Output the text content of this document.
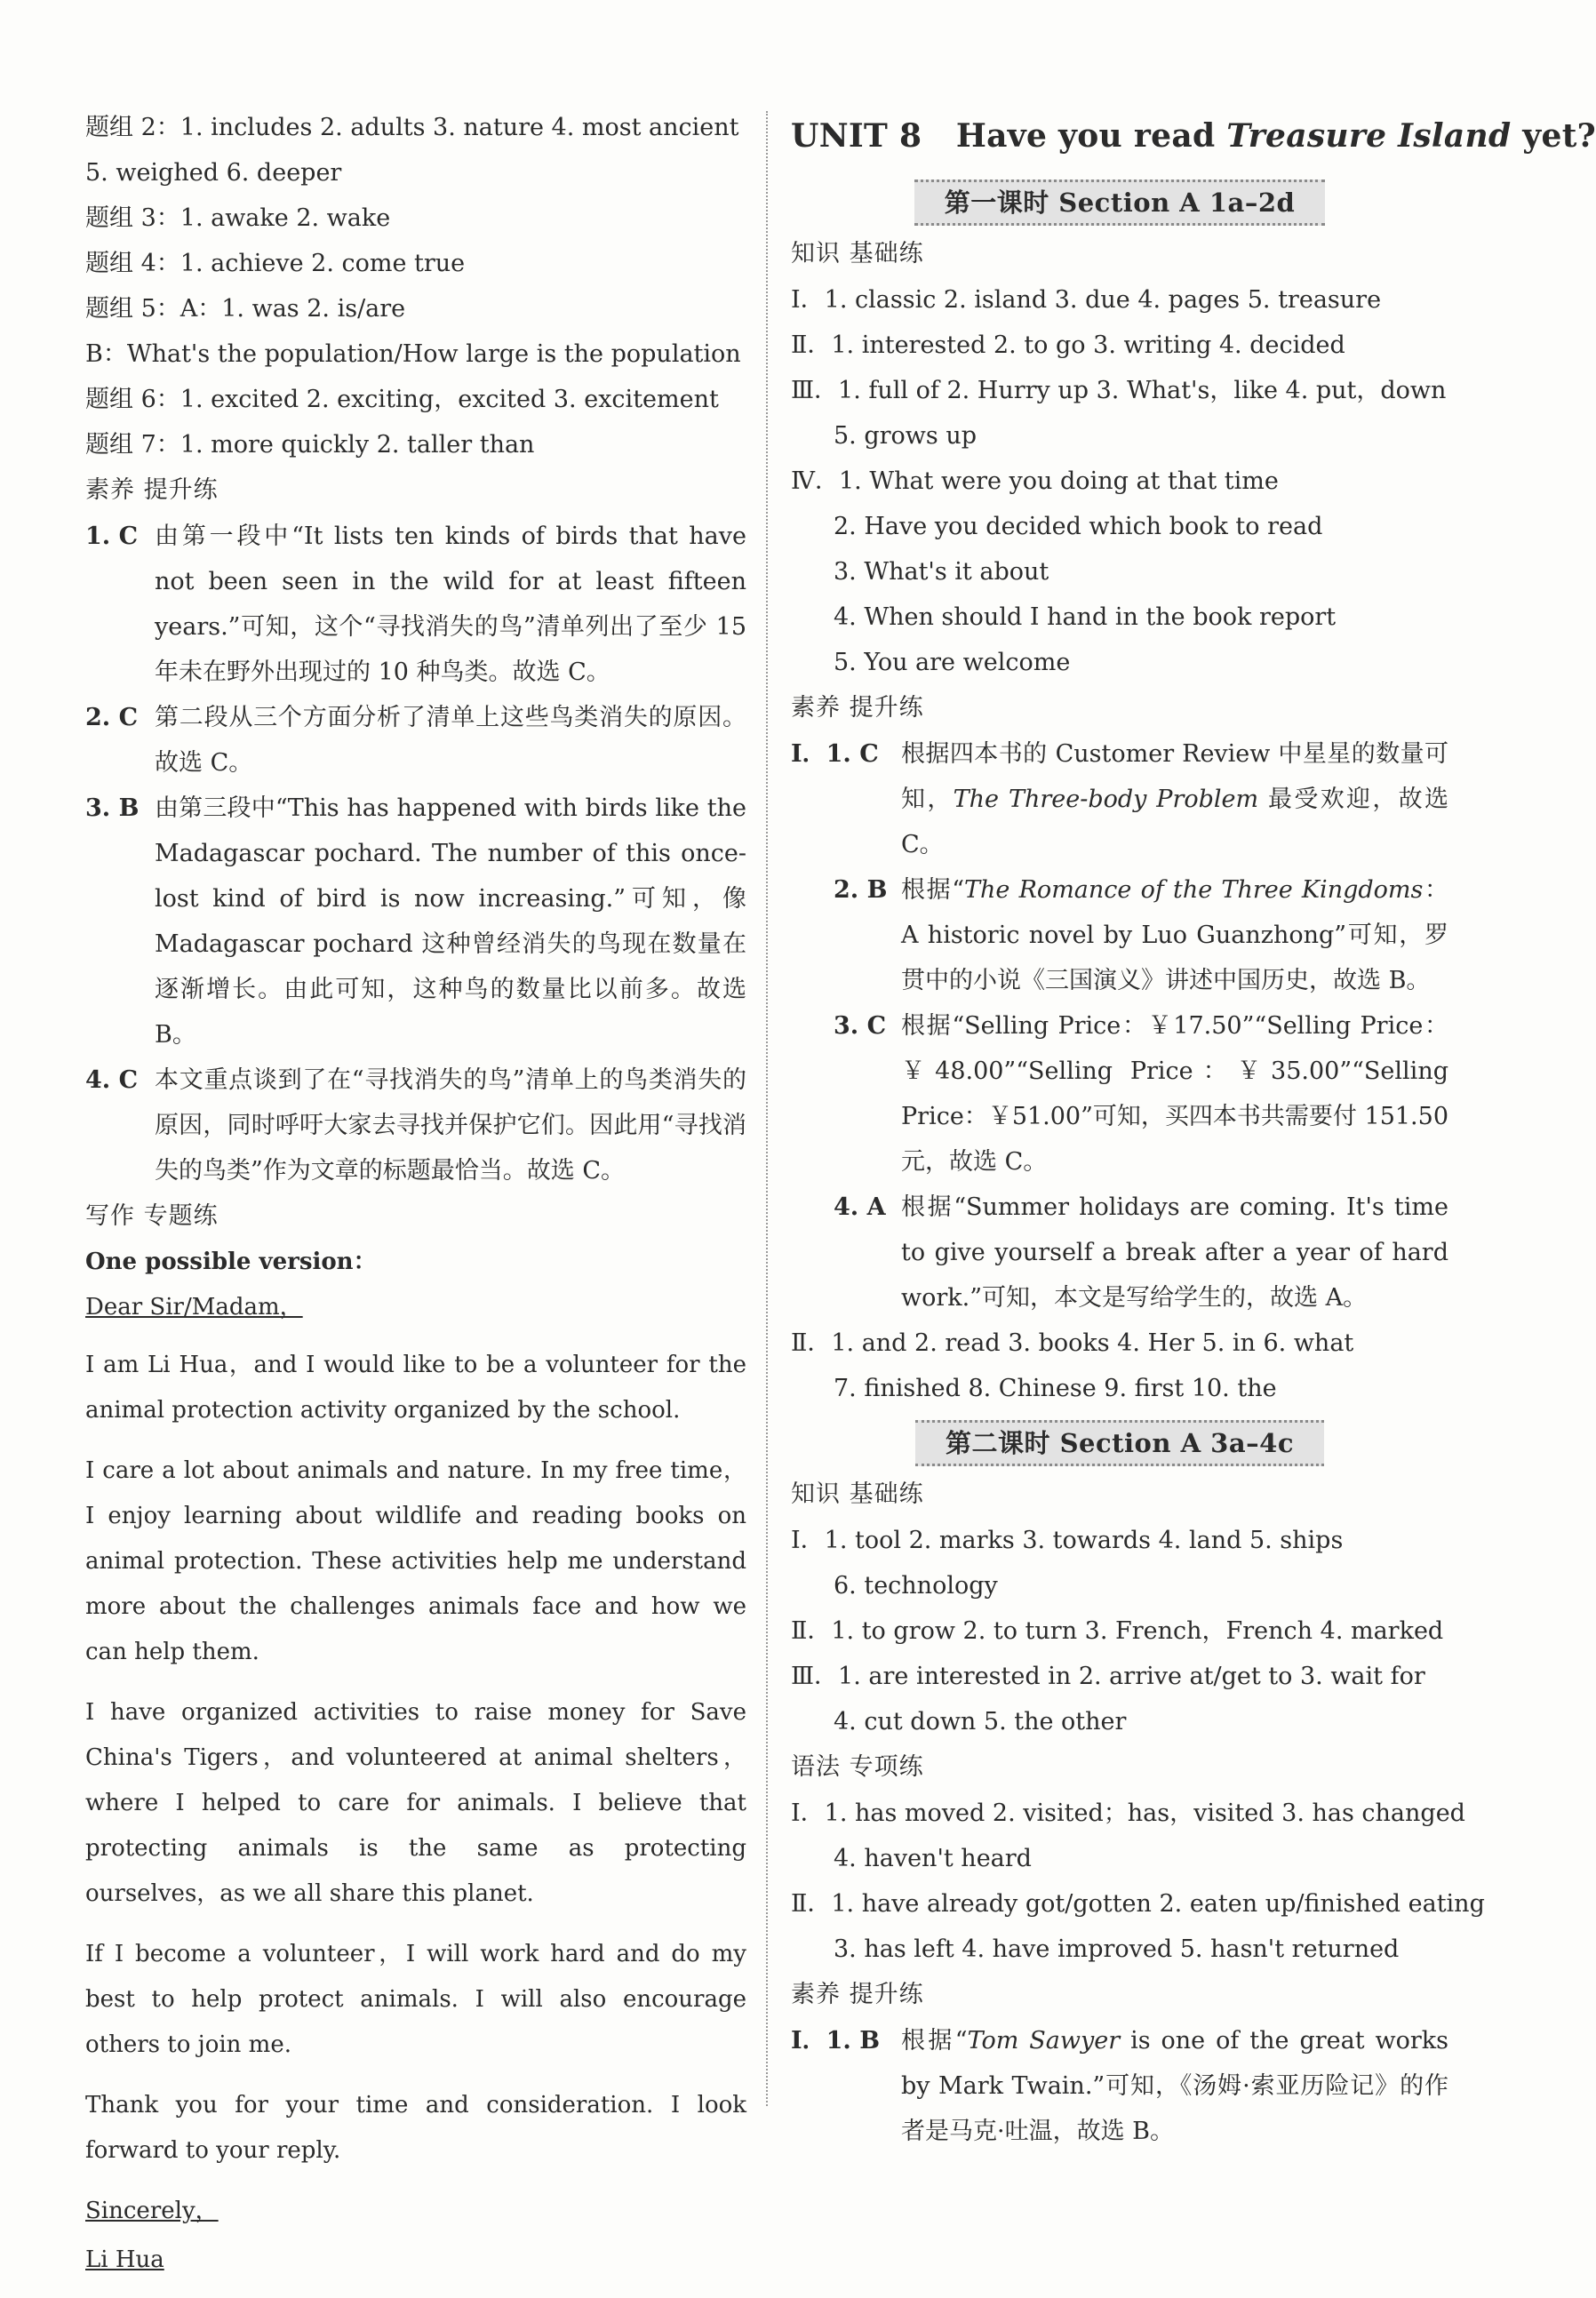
题组 2：1. includes 2. adults 3. nature 4. most ancient
5. weighed 6. deeper
题组 3：1. awake 2. wake
题组 4：1. achieve 2. come true
题组 5：A：1. was 2. is/are
B：What's the population/How large is the population
题组 6：1. excited 2. exciting，excited 3. excitement
题组 7：1. more quickly 2. taller than
素养 提升练
1. C 由第一段中“It lists ten kinds of birds that have not been seen in the wild for at least fifteen years.”可知，这个“寻找消失的鸟”清单列出了至少 15 年未在野外出现过的 10 种鸟类。故选 C。
2. C 第二段从三个方面分析了清单上这些鸟类消失的原因。故选 C。
3. B 由第三段中“This has happened with birds like the Madagascar pochard. The number of this once-lost kind of bird is now increasing.”可知，像 Madagascar pochard 这种曾经消失的鸟现在数量在逐渐增长。由此可知，这种鸟的数量比以前多。故选 B。
4. C 本文重点谈到了在“寻找消失的鸟”清单上的鸟类消失的原因，同时呼吁大家去寻找并保护它们。因此用“寻找消失的鸟类”作为文章的标题最恰当。故选 C。
写作 专题练
One possible version：

Dear Sir/Madam，

I am Li Hua，and I would like to be a volunteer for the animal protection activity organized by the school.

I care a lot about animals and nature. In my free time，I enjoy learning about wildlife and reading books on animal protection. These activities help me understand more about the challenges animals face and how we can help them.

I have organized activities to raise money for Save China's Tigers，and volunteered at animal shelters，where I helped to care for animals. I believe that protecting animals is the same as protecting ourselves，as we all share this planet.

If I become a volunteer，I will work hard and do my best to help protect animals. I will also encourage others to join me.

Thank you for your time and consideration. I look forward to your reply.

Sincerely，

Li Hua

UNIT 8 Have you read Treasure Island yet?
第一课时 Section A 1a–2d
知识 基础练
Ⅰ．1. classic 2. island 3. due 4. pages 5. treasure
Ⅱ．1. interested 2. to go 3. writing 4. decided
Ⅲ．1. full of 2. Hurry up 3. What's，like 4. put，down
5. grows up
Ⅳ．1. What were you doing at that time
2. Have you decided which book to read
3. What's it about
4. When should I hand in the book report
5. You are welcome
素养 提升练
Ⅰ．1. C 根据四本书的 Customer Review 中星星的数量可知，The Three-body Problem 最受欢迎，故选 C。
2. B 根据“The Romance of the Three Kingdoms：A historic novel by Luo Guanzhong”可知，罗贯中的小说《三国演义》讲述中国历史，故选 B。
3. C 根据“Selling Price：￥17.50”“Selling Price：￥48.00”“Selling Price：￥35.00”“Selling Price：￥51.00”可知，买四本书共需要付 151.50 元，故选 C。
4. A 根据“Summer holidays are coming. It's time to give yourself a break after a year of hard work.”可知，本文是写给学生的，故选 A。
Ⅱ．1. and 2. read 3. books 4. Her 5. in 6. what
7. finished 8. Chinese 9. first 10. the
第二课时 Section A 3a–4c
知识 基础练
Ⅰ．1. tool 2. marks 3. towards 4. land 5. ships
6. technology
Ⅱ．1. to grow 2. to turn 3. French，French 4. marked
Ⅲ．1. are interested in 2. arrive at/get to 3. wait for
4. cut down 5. the other
语法 专项练
Ⅰ．1. has moved 2. visited；has，visited 3. has changed
4. haven't heard
Ⅱ．1. have already got/gotten 2. eaten up/finished eating
3. has left 4. have improved 5. hasn't returned
素养 提升练
Ⅰ．1. B 根据“Tom Sawyer is one of the great works by Mark Twain.”可知，《汤姆·索亚历险记》的作者是马克·吐温，故选 B。
